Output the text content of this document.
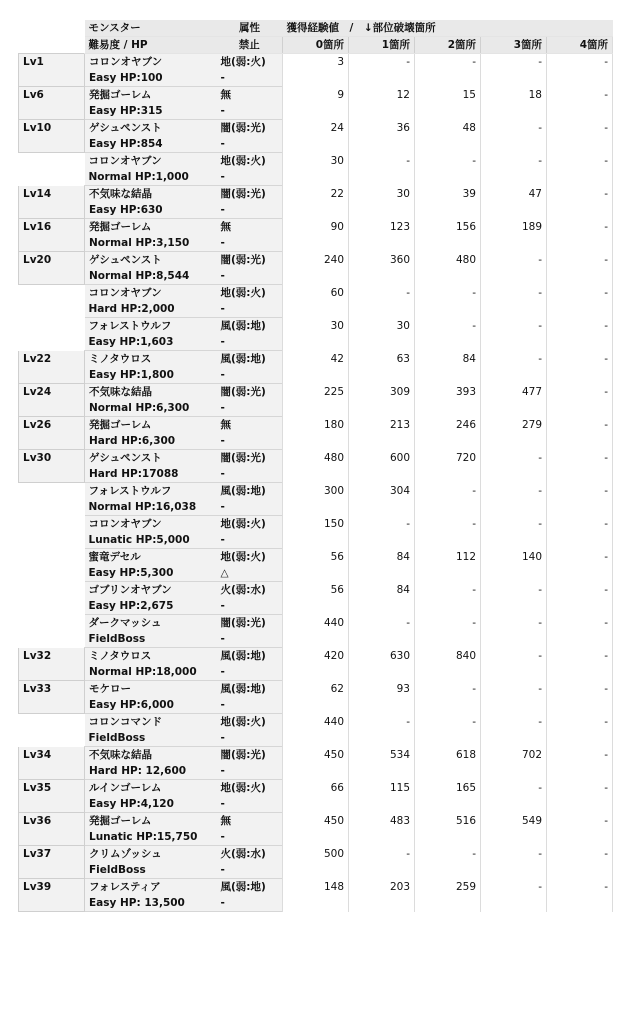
	モンスター	属性	獲得経験値　/　↓部位破壊箇所				
	難易度 / HP	禁止	0箇所	1箇所	2箇所	3箇所	4箇所
Lv1	コロンオヤブン	地(弱:火)	3	-	-	-	-
	Easy HP:100	-					
Lv6	発掘ゴーレム	無	9	12	15	18	-
	Easy HP:315	-					
Lv10	ゲシュペンスト	闇(弱:光)	24	36	48	-	-
	Easy HP:854	-					
	コロンオヤブン	地(弱:火)	30	-	-	-	-
	Normal HP:1,000	-					
Lv14	不気味な結晶	闇(弱:光)	22	30	39	47	-
	Easy HP:630	-					
Lv16	発掘ゴーレム	無	90	123	156	189	-
	Normal HP:3,150	-					
Lv20	ゲシュペンスト	闇(弱:光)	240	360	480	-	-
	Normal HP:8,544	-					
	コロンオヤブン	地(弱:火)	60	-	-	-	-
	Hard HP:2,000	-					
	フォレストウルフ	風(弱:地)	30	30	-	-	-
	Easy HP:1,603	-					
Lv22	ミノタウロス	風(弱:地)	42	63	84	-	-
	Easy HP:1,800	-					
Lv24	不気味な結晶	闇(弱:光)	225	309	393	477	-
	Normal HP:6,300	-					
Lv26	発掘ゴーレム	無	180	213	246	279	-
	Hard HP:6,300	-					
Lv30	ゲシュペンスト	闇(弱:光)	480	600	720	-	-
	Hard HP:17088	-					
	フォレストウルフ	風(弱:地)	300	304	-	-	-
	Normal HP:16,038	-					
	コロンオヤブン	地(弱:火)	150	-	-	-	-
	Lunatic HP:5,000	-					
	蜜竜デセル	地(弱:火)	56	84	112	140	-
	Easy HP:5,300	△					
	ゴブリンオヤブン	火(弱:水)	56	84	-	-	-
	Easy HP:2,675	-					
	ダークマッシュ	闇(弱:光)	440	-	-	-	-
	FieldBoss	-					
Lv32	ミノタウロス	風(弱:地)	420	630	840	-	-
	Normal HP:18,000	-					
Lv33	モケロー	風(弱:地)	62	93	-	-	-
	Easy HP:6,000	-					
	コロンコマンド	地(弱:火)	440	-	-	-	-
	FieldBoss	-					
Lv34	不気味な結晶	闇(弱:光)	450	534	618	702	-
	Hard HP: 12,600	-					
Lv35	ルインゴーレム	地(弱:火)	66	115	165	-	-
	Easy HP:4,120	-					
Lv36	発掘ゴーレム	無	450	483	516	549	-
	Lunatic HP:15,750	-					
Lv37	クリムゾッシュ	火(弱:水)	500	-	-	-	-
	FieldBoss	-					
Lv39	フォレスティア	風(弱:地)	148	203	259	-	-
	Easy HP: 13,500	-					
